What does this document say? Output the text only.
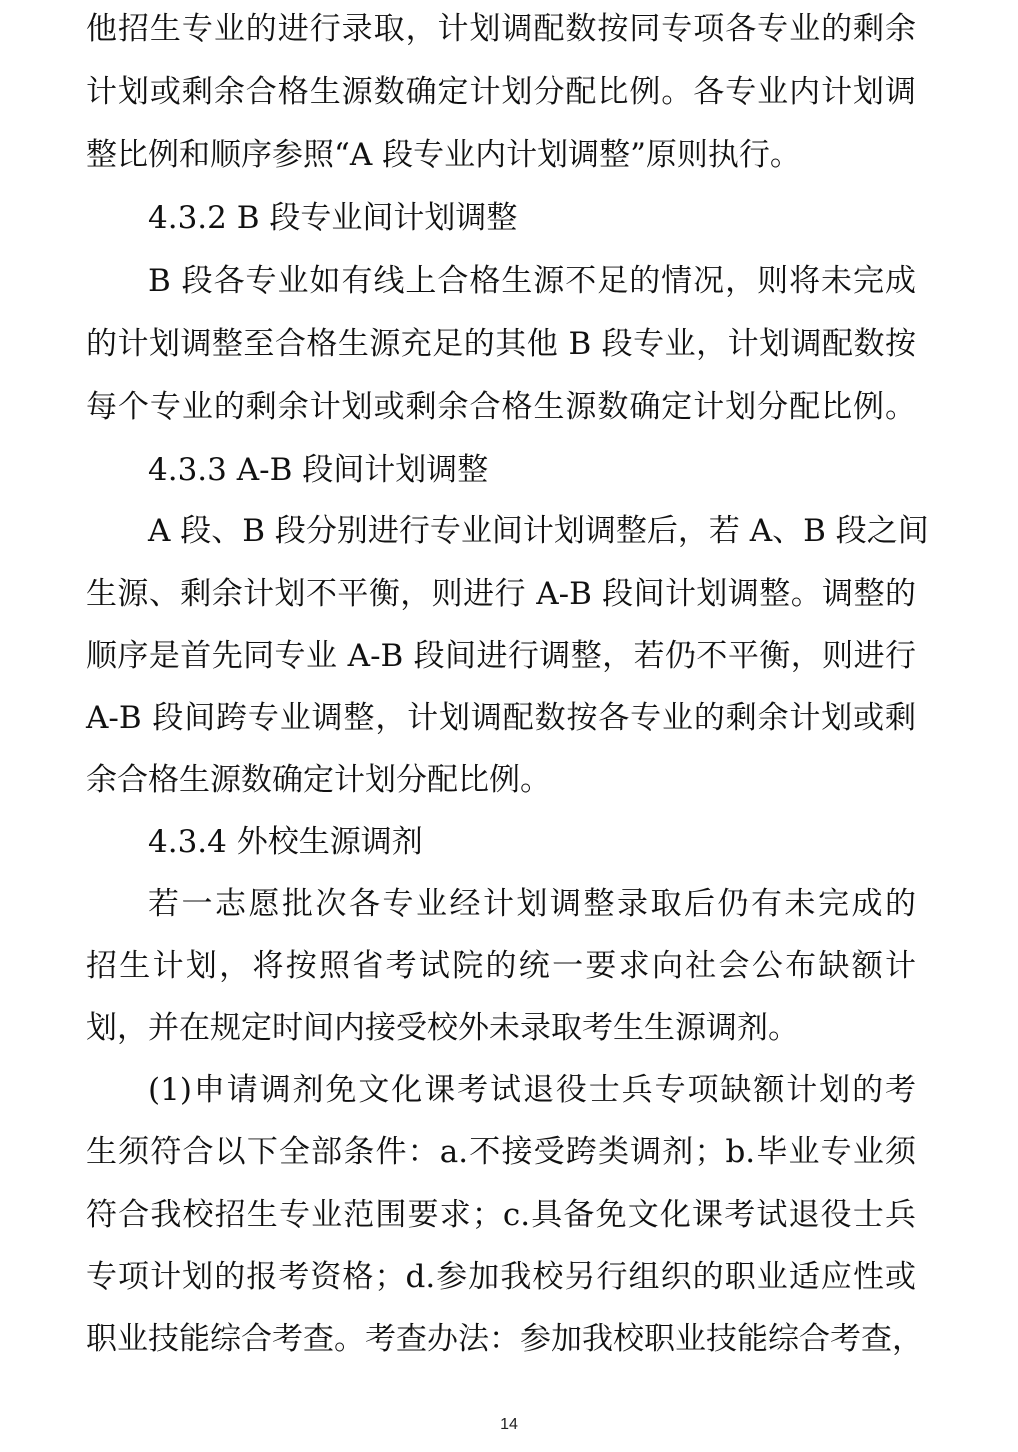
他招生专业的进行录取，计划调配数按同专项各专业的剩余
计划或剩余合格生源数确定计划分配比例。各专业内计划调
整比例和顺序参照“A 段专业内计划调整”原则执行。
4.3.2 B 段专业间计划调整
B 段各专业如有线上合格生源不足的情况，则将未完成
的计划调整至合格生源充足的其他 B 段专业，计划调配数按
每个专业的剩余计划或剩余合格生源数确定计划分配比例。
4.3.3 A-B 段间计划调整
A 段、B 段分别进行专业间计划调整后，若 A、B 段之间
生源、剩余计划不平衡，则进行 A-B 段间计划调整。调整的
顺序是首先同专业 A-B 段间进行调整，若仍不平衡，则进行
A-B 段间跨专业调整，计划调配数按各专业的剩余计划或剩
余合格生源数确定计划分配比例。
4.3.4 外校生源调剂
若一志愿批次各专业经计划调整录取后仍有未完成的
招生计划，将按照省考试院的统一要求向社会公布缺额计
划，并在规定时间内接受校外未录取考生生源调剂。
(1)申请调剂免文化课考试退役士兵专项缺额计划的考
生须符合以下全部条件：a.不接受跨类调剂；b.毕业专业须
符合我校招生专业范围要求；c.具备免文化课考试退役士兵
专项计划的报考资格；d.参加我校另行组织的职业适应性或
职业技能综合考查。考查办法：参加我校职业技能综合考查，
14
